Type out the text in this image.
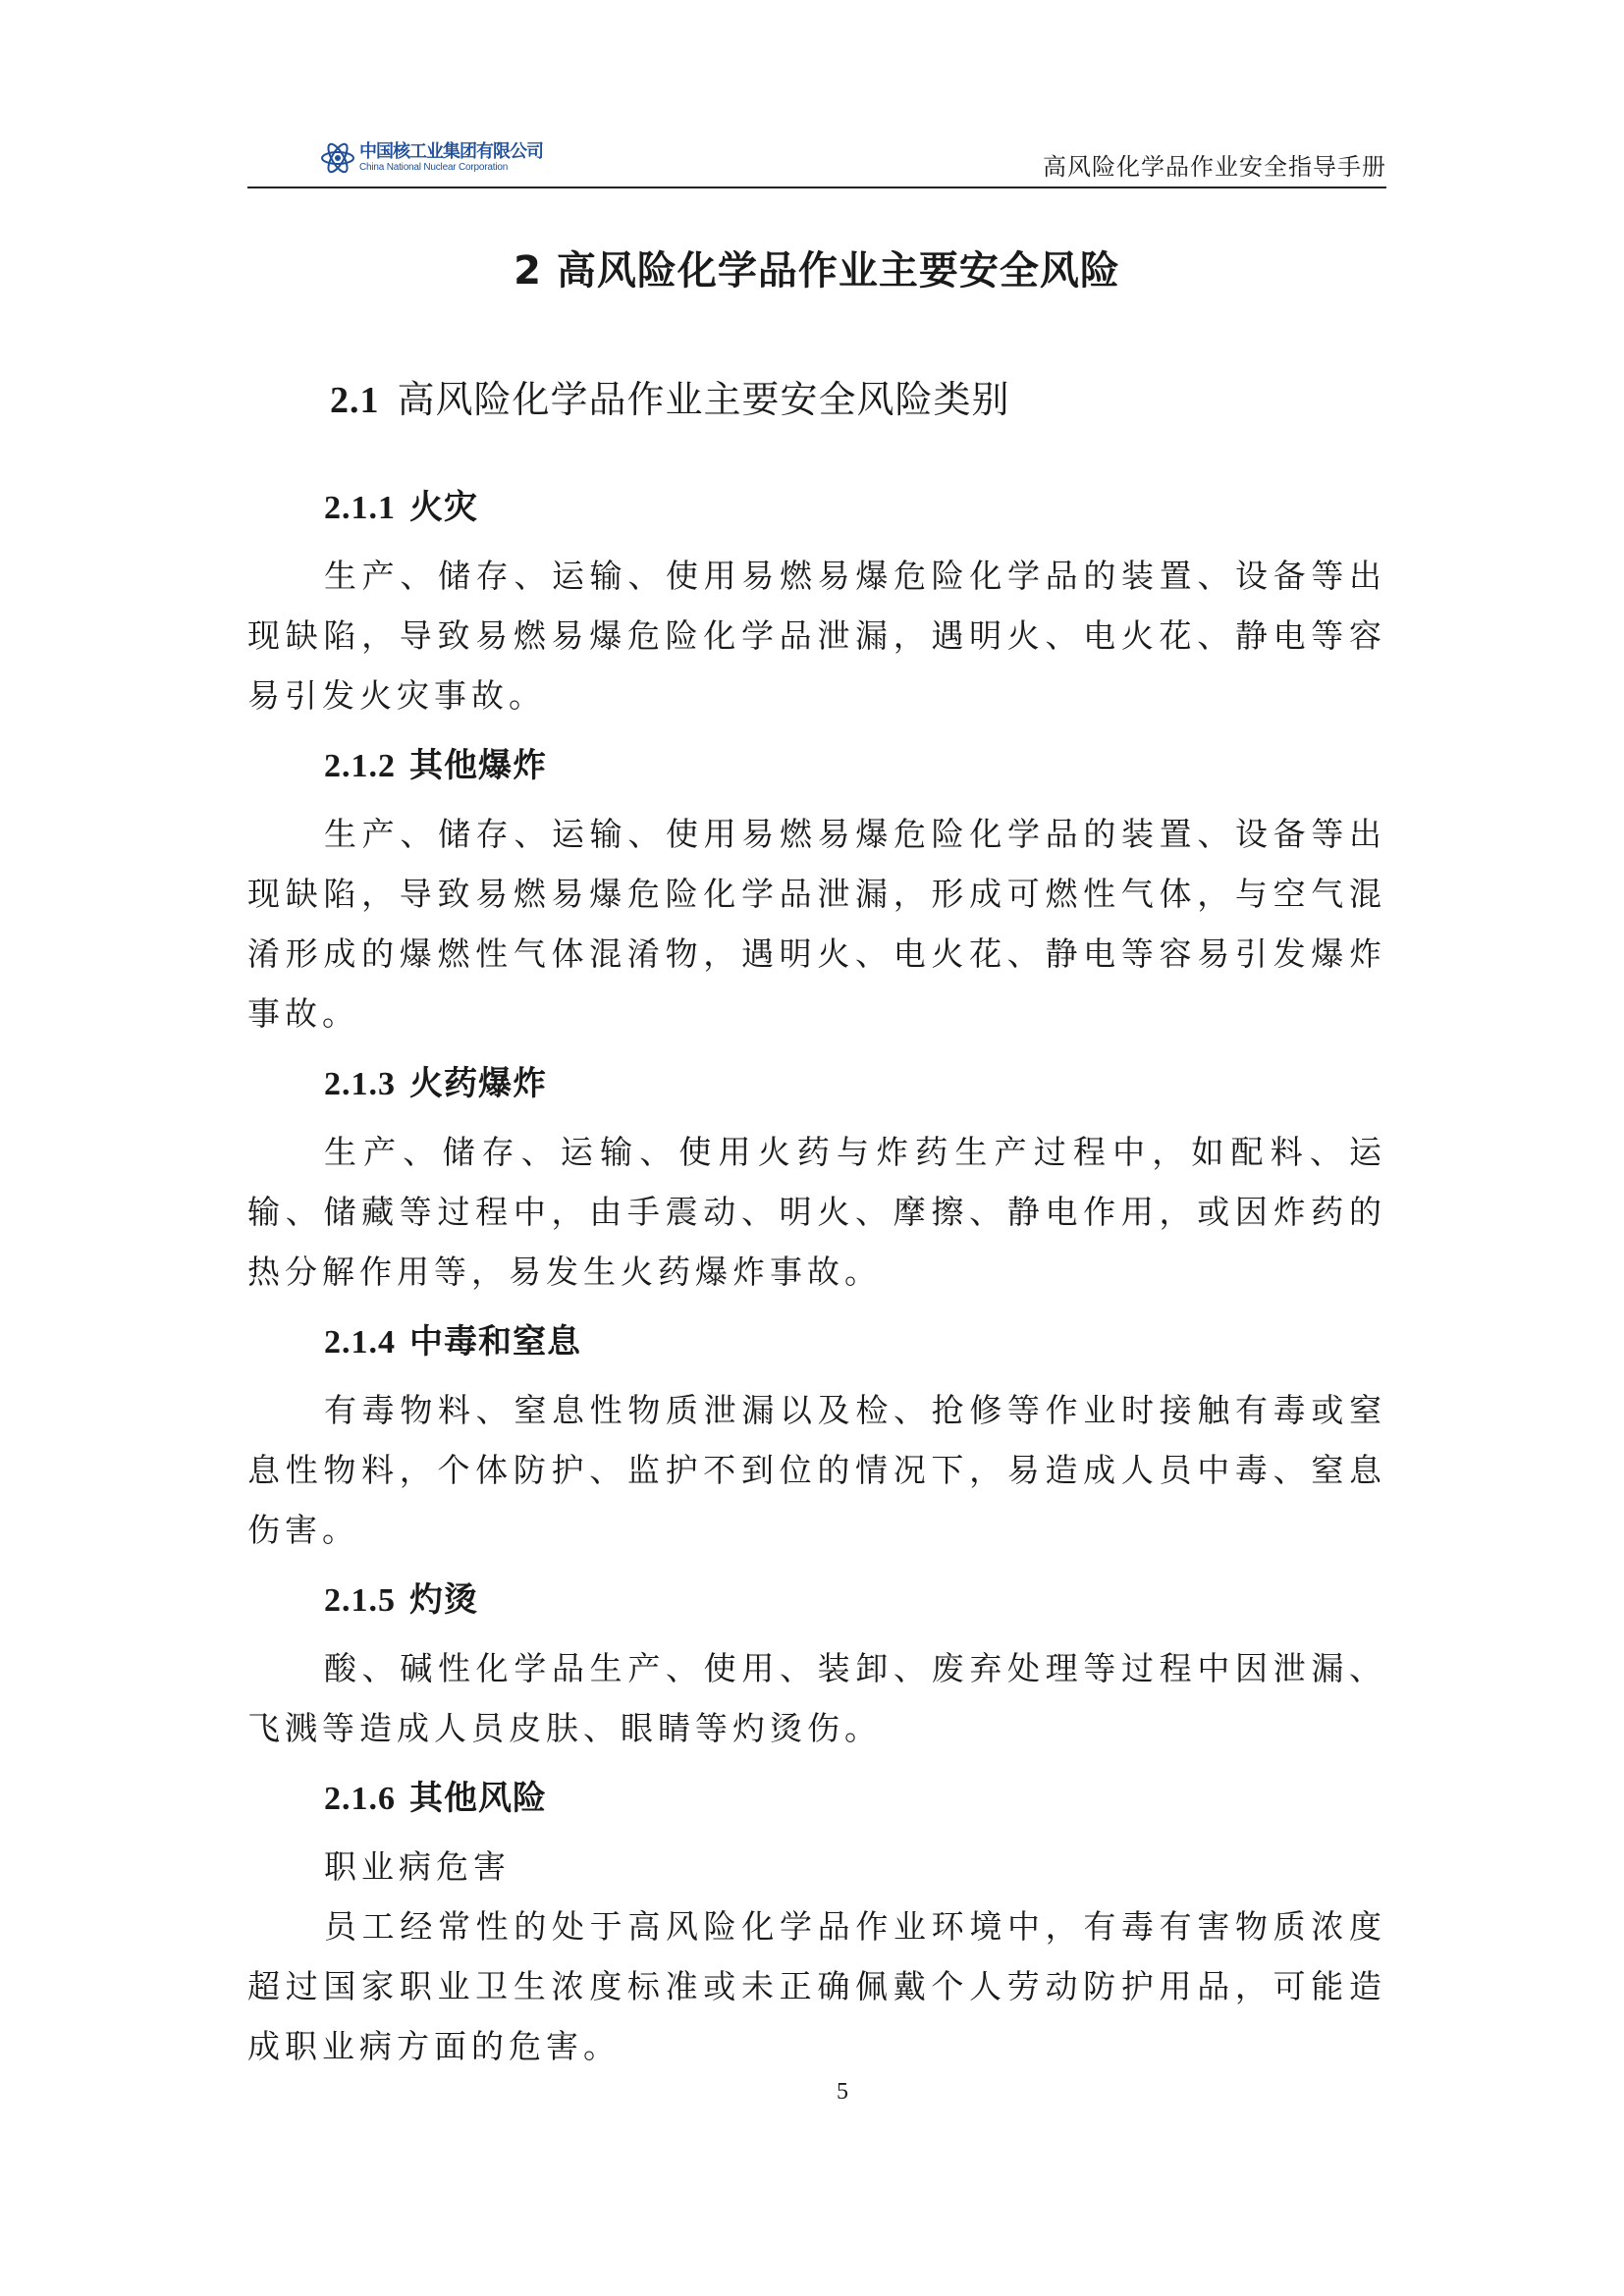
中国核工业集团有限公司
China National Nuclear Corporation	高风险化学品作业安全指导手册
2 高风险化学品作业主要安全风险
2.1 高风险化学品作业主要安全风险类别
2.1.1 火灾

生产、储存、运输、使用易燃易爆危险化学品的装置、设备等出现缺陷，导致易燃易爆危险化学品泄漏，遇明火、电火花、静电等容易引发火灾事故。

2.1.2 其他爆炸

生产、储存、运输、使用易燃易爆危险化学品的装置、设备等出现缺陷，导致易燃易爆危险化学品泄漏，形成可燃性气体，与空气混淆形成的爆燃性气体混淆物，遇明火、电火花、静电等容易引发爆炸事故。

2.1.3 火药爆炸

生产、储存、运输、使用火药与炸药生产过程中，如配料、运输、储藏等过程中，由手震动、明火、摩擦、静电作用，或因炸药的热分解作用等，易发生火药爆炸事故。

2.1.4 中毒和窒息

有毒物料、窒息性物质泄漏以及检、抢修等作业时接触有毒或窒息性物料，个体防护、监护不到位的情况下，易造成人员中毒、窒息伤害。

2.1.5 灼烫

酸、碱性化学品生产、使用、装卸、废弃处理等过程中因泄漏、飞溅等造成人员皮肤、眼睛等灼烫伤。

2.1.6 其他风险

职业病危害

员工经常性的处于高风险化学品作业环境中，有毒有害物质浓度超过国家职业卫生浓度标准或未正确佩戴个人劳动防护用品，可能造成职业病方面的危害。

5
